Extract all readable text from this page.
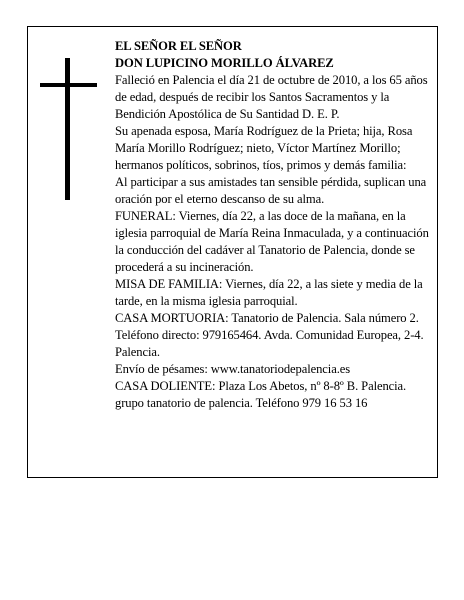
EL SEÑOR EL SEÑOR

DON LUPICINO MORILLO ÁLVAREZ

Falleció en Palencia el día 21 de octubre de 2010, a los 65 años de edad, después de recibir los Santos Sacramentos y la Bendición Apostólica de Su Santidad D. E. P.

Su apenada esposa, María Rodríguez de la Prieta; hija, Rosa María Morillo Rodríguez; nieto, Víctor Martínez Morillo; hermanos políticos, sobrinos, tíos, primos y demás familia:

Al participar a sus amistades tan sensible pérdida, suplican una oración por el eterno descanso de su alma.

FUNERAL: Viernes, día 22, a las doce de la mañana, en la iglesia parroquial de María Reina Inmaculada, y a continuación la conducción del cadáver al Tanatorio de Palencia, donde se procederá a su incineración.

MISA DE FAMILIA: Viernes, día 22, a las siete y media de la tarde, en la misma iglesia parroquial.

CASA MORTUORIA: Tanatorio de Palencia. Sala número 2. Teléfono directo: 979165464. Avda. Comunidad Europea, 2-4. Palencia.

Envío de pésames: www.tanatoriodepalencia.es

CASA DOLIENTE: Plaza Los Abetos, nº 8-8º B. Palencia.

grupo tanatorio de palencia. Teléfono 979 16 53 16
